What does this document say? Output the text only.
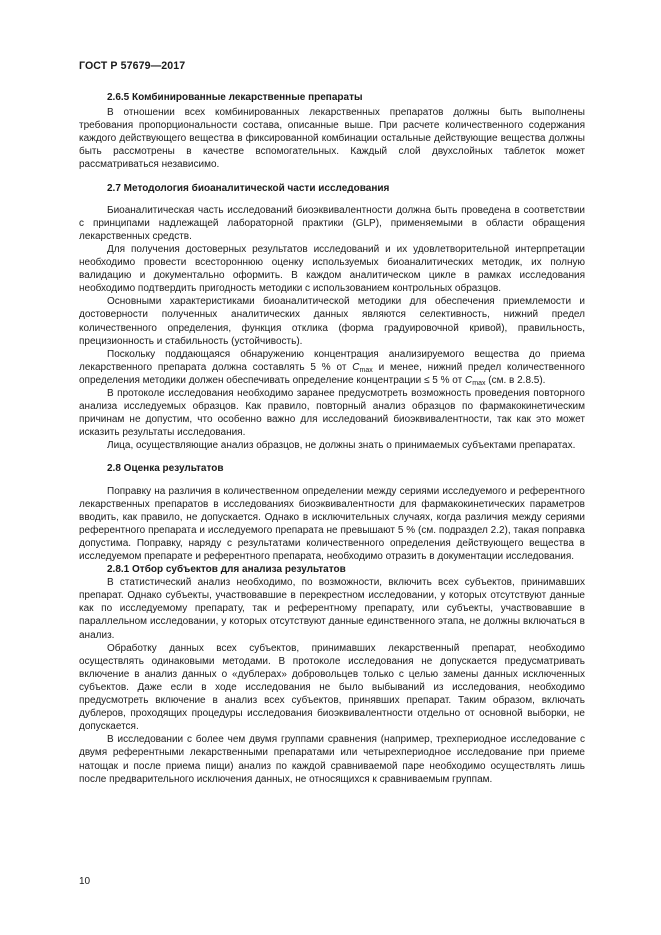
ГОСТ Р 57679—2017
2.6.5 Комбинированные лекарственные препараты

В отношении всех комбинированных лекарственных препаратов должны быть выполнены требования пропорциональности состава, описанные выше. При расчете количественного содержания каждого действующего вещества в фиксированной комбинации остальные действующие вещества должны быть рассмотрены в качестве вспомогательных. Каждый слой двухслойных таблеток может рассматриваться независимо.

2.7 Методология биоаналитической части исследования

Биоаналитическая часть исследований биоэквивалентности должна быть проведена в соответствии с принципами надлежащей лабораторной практики (GLP), применяемыми в области обращения лекарственных средств.

Для получения достоверных результатов исследований и их удовлетворительной интерпретации необходимо провести всестороннюю оценку используемых биоаналитических методик, их полную валидацию и документально оформить. В каждом аналитическом цикле в рамках исследования необходимо подтвердить пригодность методики с использованием контрольных образцов.

Основными характеристиками биоаналитической методики для обеспечения приемлемости и достоверности полученных аналитических данных являются селективность, нижний предел количественного определения, функция отклика (форма градуировочной кривой), правильность, прецизионность и стабильность (устойчивость).

Поскольку поддающаяся обнаружению концентрация анализируемого вещества до приема лекарственного препарата должна составлять 5 % от $C_{max}$ и менее, нижний предел количественного определения методики должен обеспечивать определение концентрации ≤ 5 % от $C_{max}$ (см. в 2.8.5).

В протоколе исследования необходимо заранее предусмотреть возможность проведения повторного анализа исследуемых образцов. Как правило, повторный анализ образцов по фармакокинетическим причинам не допустим, что особенно важно для исследований биоэквивалентности, так как это может исказить результаты исследования.

Лица, осуществляющие анализ образцов, не должны знать о принимаемых субъектами препаратах.

2.8 Оценка результатов

Поправку на различия в количественном определении между сериями исследуемого и референтного лекарственных препаратов в исследованиях биоэквивалентности для фармакокинетических параметров вводить, как правило, не допускается. Однако в исключительных случаях, когда различия между сериями референтного препарата и исследуемого препарата не превышают 5 % (см. подраздел 2.2), такая поправка допустима. Поправку, наряду с результатами количественного определения действующего вещества в исследуемом препарате и референтного препарата, необходимо отразить в документации исследования.

2.8.1 Отбор субъектов для анализа результатов

В статистический анализ необходимо, по возможности, включить всех субъектов, принимавших препарат. Однако субъекты, участвовавшие в перекрестном исследовании, у которых отсутствуют данные как по исследуемому препарату, так и референтному препарату, или субъекты, участвовавшие в параллельном исследовании, у которых отсутствуют данные единственного этапа, не должны включаться в анализ.

Обработку данных всех субъектов, принимавших лекарственный препарат, необходимо осуществлять одинаковыми методами. В протоколе исследования не допускается предусматривать включение в анализ данных о «дублерах» добровольцев только с целью замены данных исключенных субъектов. Даже если в ходе исследования не было выбываний из исследования, необходимо предусмотреть включение в анализ всех субъектов, принявших препарат. Таким образом, включать дублеров, проходящих процедуры исследования биоэквивалентности отдельно от основной выборки, не допускается.

В исследовании с более чем двумя группами сравнения (например, трехпериодное исследование с двумя референтными лекарственными препаратами или четырехпериодное исследование при приеме натощак и после приема пищи) анализ по каждой сравниваемой паре необходимо осуществлять лишь после предварительного исключения данных, не относящихся к сравниваемым группам.

10
